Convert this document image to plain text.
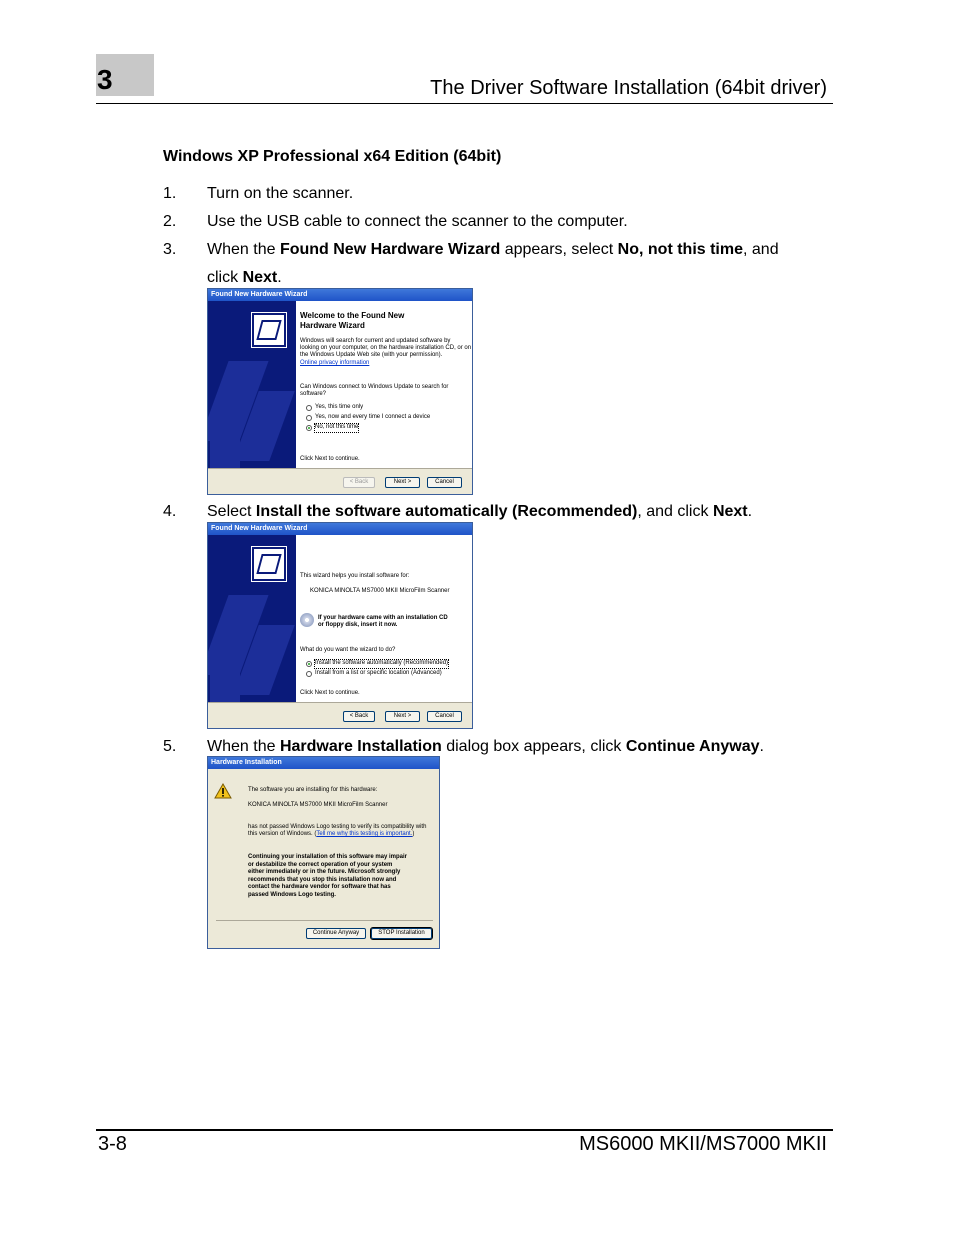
3	The Driver Software Installation (64bit driver)
Windows XP Professional x64 Edition (64bit)
1.	Turn on the scanner.
2.	Use the USB cable to connect the scanner to the computer.
3.	When the Found New Hardware Wizard appears, select No, not this time, and
click Next.
Found New Hardware Wizard
Welcome to the Found New
Hardware Wizard
Windows will search for current and updated software by
looking on your computer, on the hardware installation CD, or on
the Windows Update Web site (with your permission).
Online privacy information
Can Windows connect to Windows Update to search for
software?
Yes, this time only
Yes, now and every time I connect a device
No, not this time
Click Next to continue.
< Back	Next >	Cancel
4.	Select Install the software automatically (Recommended), and click Next.
Found New Hardware Wizard
This wizard helps you install software for:
KONICA MINOLTA MS7000 MKII MicroFilm Scanner
If your hardware came with an installation CD
or floppy disk, insert it now.
What do you want the wizard to do?
Install the software automatically (Recommended)
Install from a list or specific location (Advanced)
Click Next to continue.
< Back	Next >	Cancel
5.	When the Hardware Installation dialog box appears, click Continue Anyway.
Hardware Installation
The software you are installing for this hardware:
KONICA MINOLTA MS7000 MKII MicroFilm Scanner
has not passed Windows Logo testing to verify its compatibility with
this version of Windows. (Tell me why this testing is important.)
Continuing your installation of this software may impair
or destabilize the correct operation of your system
either immediately or in the future. Microsoft strongly
recommends that you stop this installation now and
contact the hardware vendor for software that has
passed Windows Logo testing.
Continue Anyway	STOP Installation
3-8	MS6000 MKII/MS7000 MKII
